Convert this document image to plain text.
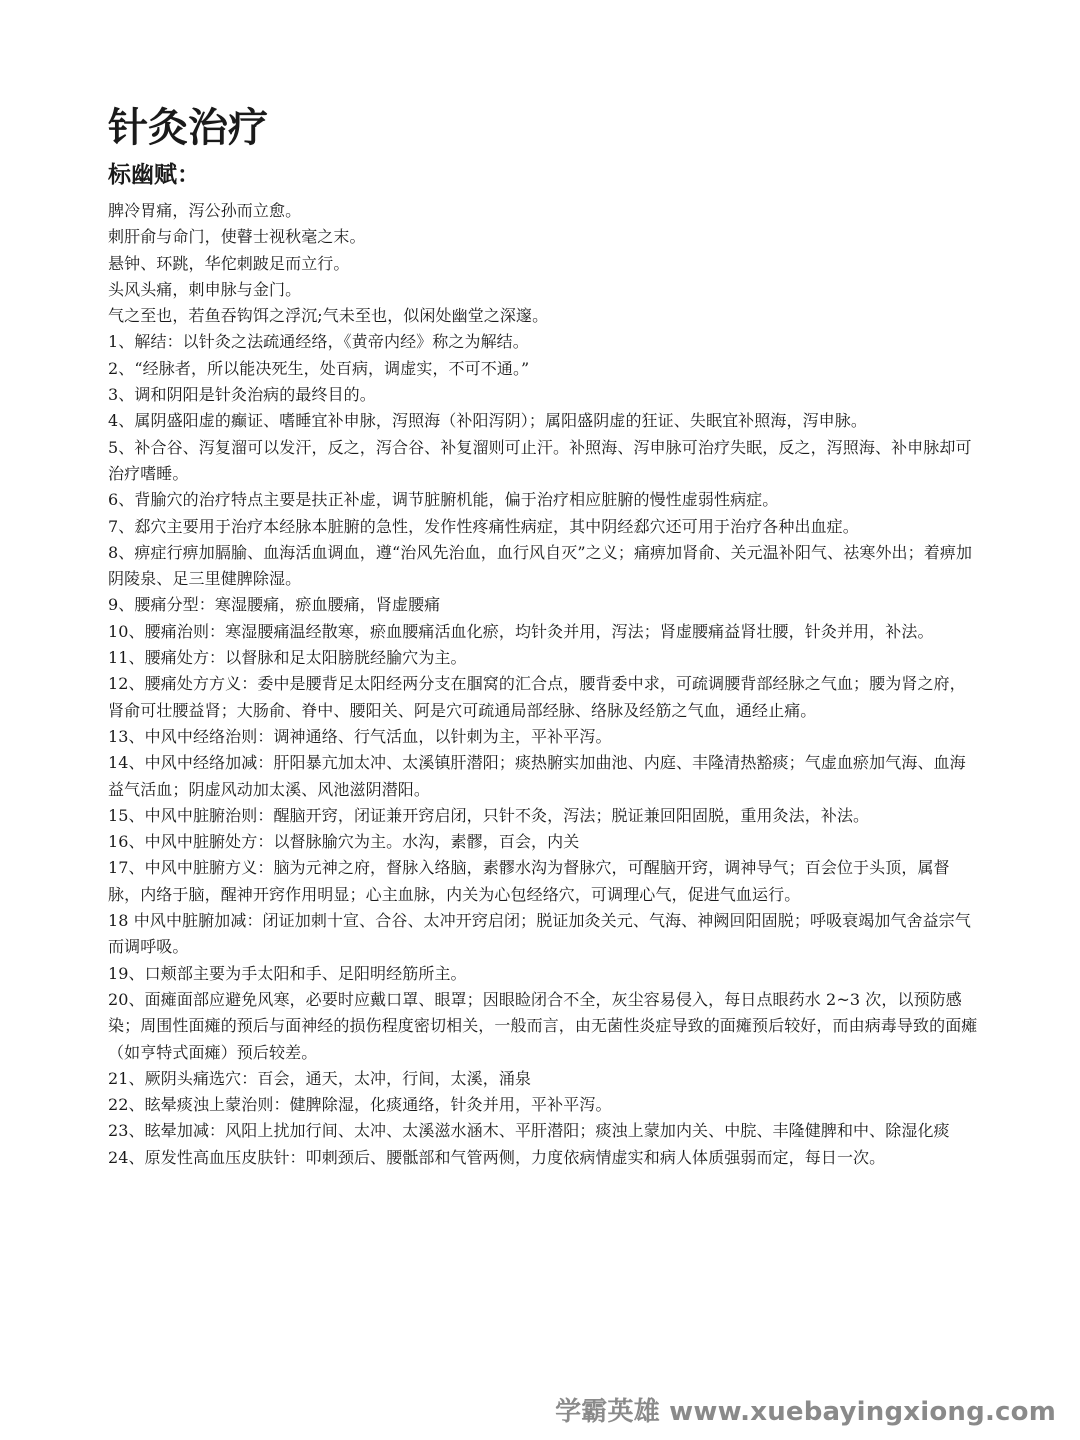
针灸治疗
标幽赋：

脾冷胃痛，泻公孙而立愈。

刺肝俞与命门，使瞽士视秋毫之末。

悬钟、环跳，华佗刺跛足而立行。

头风头痛，刺申脉与金门。

气之至也，若鱼吞钩饵之浮沉;气未至也，似闲处幽堂之深邃。

1、解结：以针灸之法疏通经络，《黄帝内经》称之为解结。

2、“经脉者，所以能决死生，处百病，调虚实，不可不通。”

3、调和阴阳是针灸治病的最终目的。

4、属阴盛阳虚的癫证、嗜睡宜补申脉，泻照海（补阳泻阴）；属阳盛阴虚的狂证、失眠宜补照海，泻申脉。

5、补合谷、泻复溜可以发汗，反之，泻合谷、补复溜则可止汗。补照海、泻申脉可治疗失眠，反之，泻照海、补申脉却可治疗嗜睡。

6、背腧穴的治疗特点主要是扶正补虚，调节脏腑机能，偏于治疗相应脏腑的慢性虚弱性病症。

7、郄穴主要用于治疗本经脉本脏腑的急性，发作性疼痛性病症，其中阴经郄穴还可用于治疗各种出血症。

8、痹症行痹加膈腧、血海活血调血，遵“治风先治血，血行风自灭”之义；痛痹加肾俞、关元温补阳气、祛寒外出；着痹加阴陵泉、足三里健脾除湿。

9、腰痛分型：寒湿腰痛，瘀血腰痛，肾虚腰痛

10、腰痛治则：寒湿腰痛温经散寒，瘀血腰痛活血化瘀，均针灸并用，泻法；肾虚腰痛益肾壮腰，针灸并用，补法。

11、腰痛处方：以督脉和足太阳膀胱经腧穴为主。

12、腰痛处方方义：委中是腰背足太阳经两分支在腘窝的汇合点，腰背委中求，可疏调腰背部经脉之气血；腰为肾之府，肾俞可壮腰益肾；大肠俞、脊中、腰阳关、阿是穴可疏通局部经脉、络脉及经筋之气血，通经止痛。

13、中风中经络治则：调神通络、行气活血，以针刺为主，平补平泻。

14、中风中经络加减：肝阳暴亢加太冲、太溪镇肝潜阳；痰热腑实加曲池、内庭、丰隆清热豁痰；气虚血瘀加气海、血海益气活血；阴虚风动加太溪、风池滋阴潜阳。

15、中风中脏腑治则：醒脑开窍，闭证兼开窍启闭，只针不灸，泻法；脱证兼回阳固脱，重用灸法，补法。

16、中风中脏腑处方：以督脉腧穴为主。水沟，素髎，百会，内关

17、中风中脏腑方义：脑为元神之府，督脉入络脑，素髎水沟为督脉穴，可醒脑开窍，调神导气；百会位于头顶，属督脉，内络于脑，醒神开窍作用明显；心主血脉，内关为心包经络穴，可调理心气，促进气血运行。

18 中风中脏腑加减：闭证加刺十宣、合谷、太冲开窍启闭；脱证加灸关元、气海、神阙回阳固脱；呼吸衰竭加气舍益宗气而调呼吸。

19、口颊部主要为手太阳和手、足阳明经筋所主。

20、面瘫面部应避免风寒，必要时应戴口罩、眼罩；因眼睑闭合不全，灰尘容易侵入，每日点眼药水 2~3 次，以预防感染；周围性面瘫的预后与面神经的损伤程度密切相关，一般而言，由无菌性炎症导致的面瘫预后较好，而由病毒导致的面瘫（如亨特式面瘫）预后较差。

21、厥阴头痛选穴：百会，通天，太冲，行间，太溪，涌泉

22、眩晕痰浊上蒙治则：健脾除湿，化痰通络，针灸并用，平补平泻。

23、眩晕加减：风阳上扰加行间、太冲、太溪滋水涵木、平肝潜阳；痰浊上蒙加内关、中脘、丰隆健脾和中、除湿化痰

24、原发性高血压皮肤针：叩刺颈后、腰骶部和气管两侧，力度依病情虚实和病人体质强弱而定，每日一次。

学霸英雄 www.xuebayingxiong.com
